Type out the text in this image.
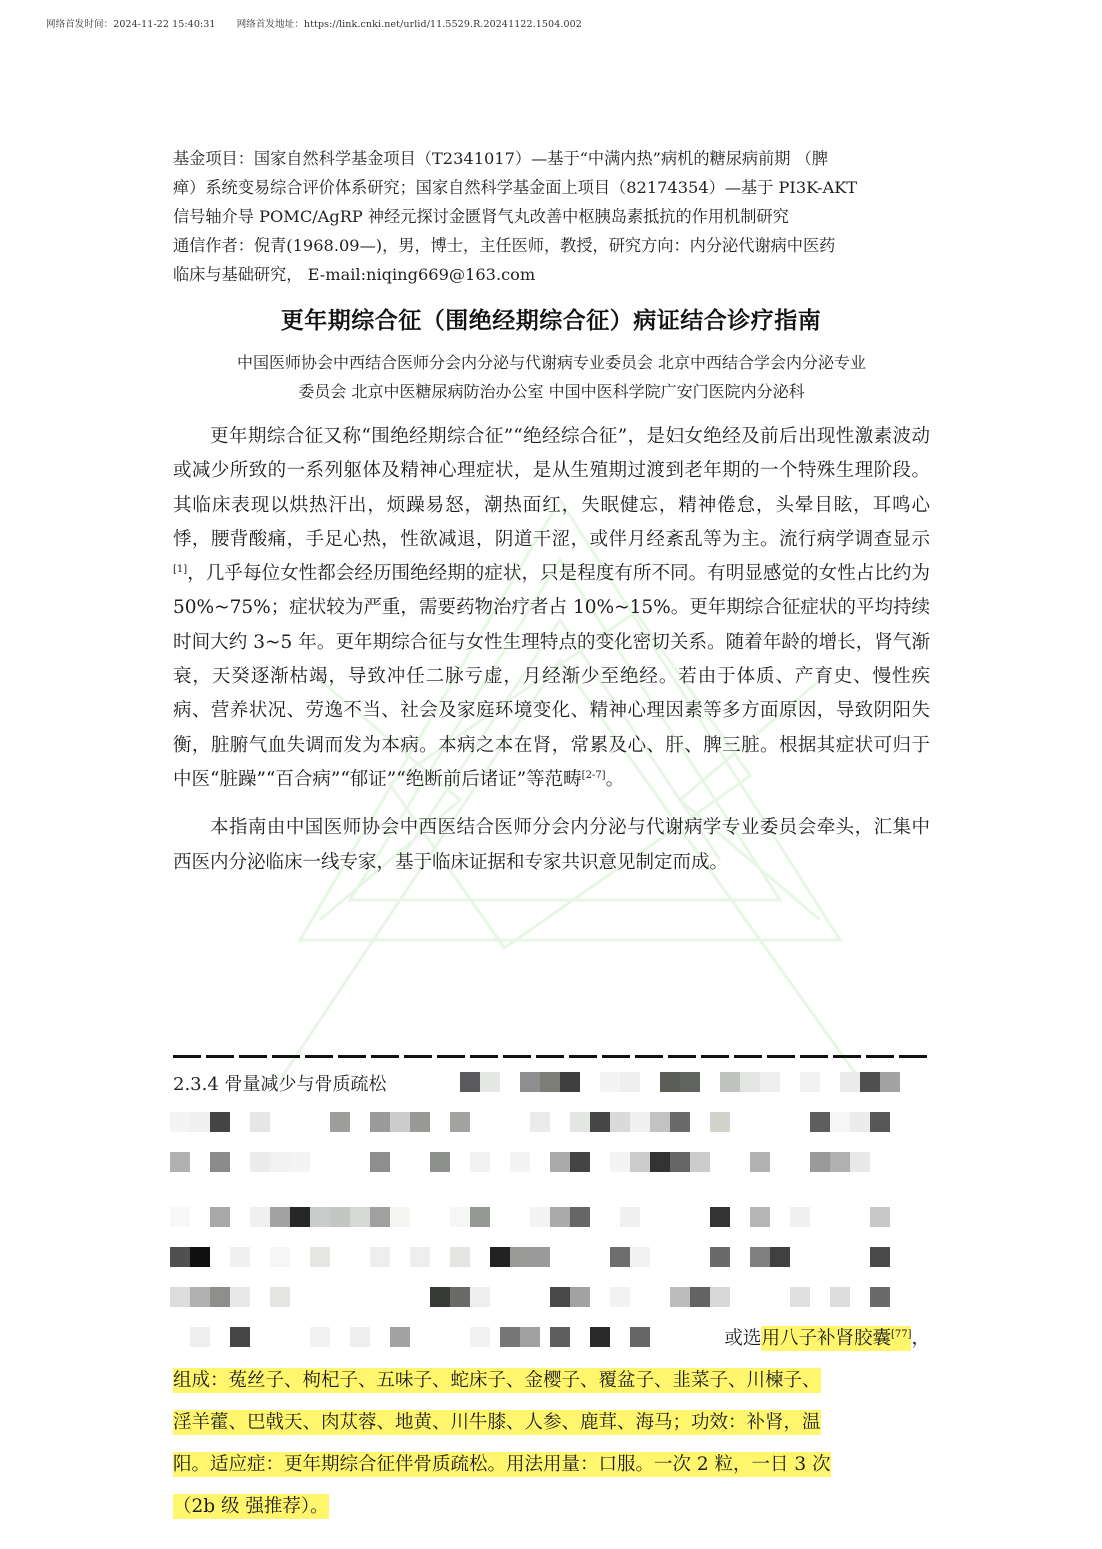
网络首发时间：2024-11-22 15:40:31 网络首发地址：https://link.cnki.net/urlid/11.5529.R.20241122.1504.002

基金项目：国家自然科学基金项目（T2341017）—基于“中满内热”病机的糖尿病前期 （脾

瘅）系统变易综合评价体系研究；国家自然科学基金面上项目（82174354）—基于 PI3K-AKT

信号轴介导 POMC/AgRP 神经元探讨金匮肾气丸改善中枢胰岛素抵抗的作用机制研究

通信作者：倪青(1968.09—)，男，博士，主任医师，教授，研究方向：内分泌代谢病中医药

临床与基础研究， E-mail:niqing669@163.com

更年期综合征（围绝经期综合征）病证结合诊疗指南

中国医师协会中西结合医师分会内分泌与代谢病专业委员会 北京中西结合学会内分泌专业

委员会 北京中医糖尿病防治办公室 中国中医科学院广安门医院内分泌科

更年期综合征又称“围绝经期综合征”“绝经综合征”，是妇女绝经及前后出现性激素波动或减少所致的一系列躯体及精神心理症状，是从生殖期过渡到老年期的一个特殊生理阶段。其临床表现以烘热汗出，烦躁易怒，潮热面红，失眠健忘，精神倦怠，头晕目眩，耳鸣心悸，腰背酸痛，手足心热，性欲减退，阴道干涩，或伴月经紊乱等为主。流行病学调查显示[1]，几乎每位女性都会经历围绝经期的症状，只是程度有所不同。有明显感觉的女性占比约为 50%~75%；症状较为严重，需要药物治疗者占 10%~15%。更年期综合征症状的平均持续时间大约 3~5 年。更年期综合征与女性生理特点的变化密切关系。随着年龄的增长，肾气渐衰，天癸逐渐枯竭，导致冲任二脉亏虚，月经渐少至绝经。若由于体质、产育史、慢性疾病、营养状况、劳逸不当、社会及家庭环境变化、精神心理因素等多方面原因，导致阴阳失衡，脏腑气血失调而发为本病。本病之本在肾，常累及心、肝、脾三脏。根据其症状可归于中医“脏躁”“百合病”“郁证”“绝断前后诸证”等范畴[2-7]。

本指南由中国医师协会中西医结合医师分会内分泌与代谢病学专业委员会牵头，汇集中西医内分泌临床一线专家，基于临床证据和专家共识意见制定而成。

2.3.4 骨量减少与骨质疏松
或选用八子补肾胶囊[77]，
组成：菟丝子、枸杞子、五味子、蛇床子、金樱子、覆盆子、韭菜子、川楝子、
淫羊藿、巴戟天、肉苁蓉、地黄、川牛膝、人参、鹿茸、海马；功效：补肾，温
阳。适应症：更年期综合征伴骨质疏松。用法用量：口服。一次 2 粒，一日 3 次
（2b 级 强推荐）。
